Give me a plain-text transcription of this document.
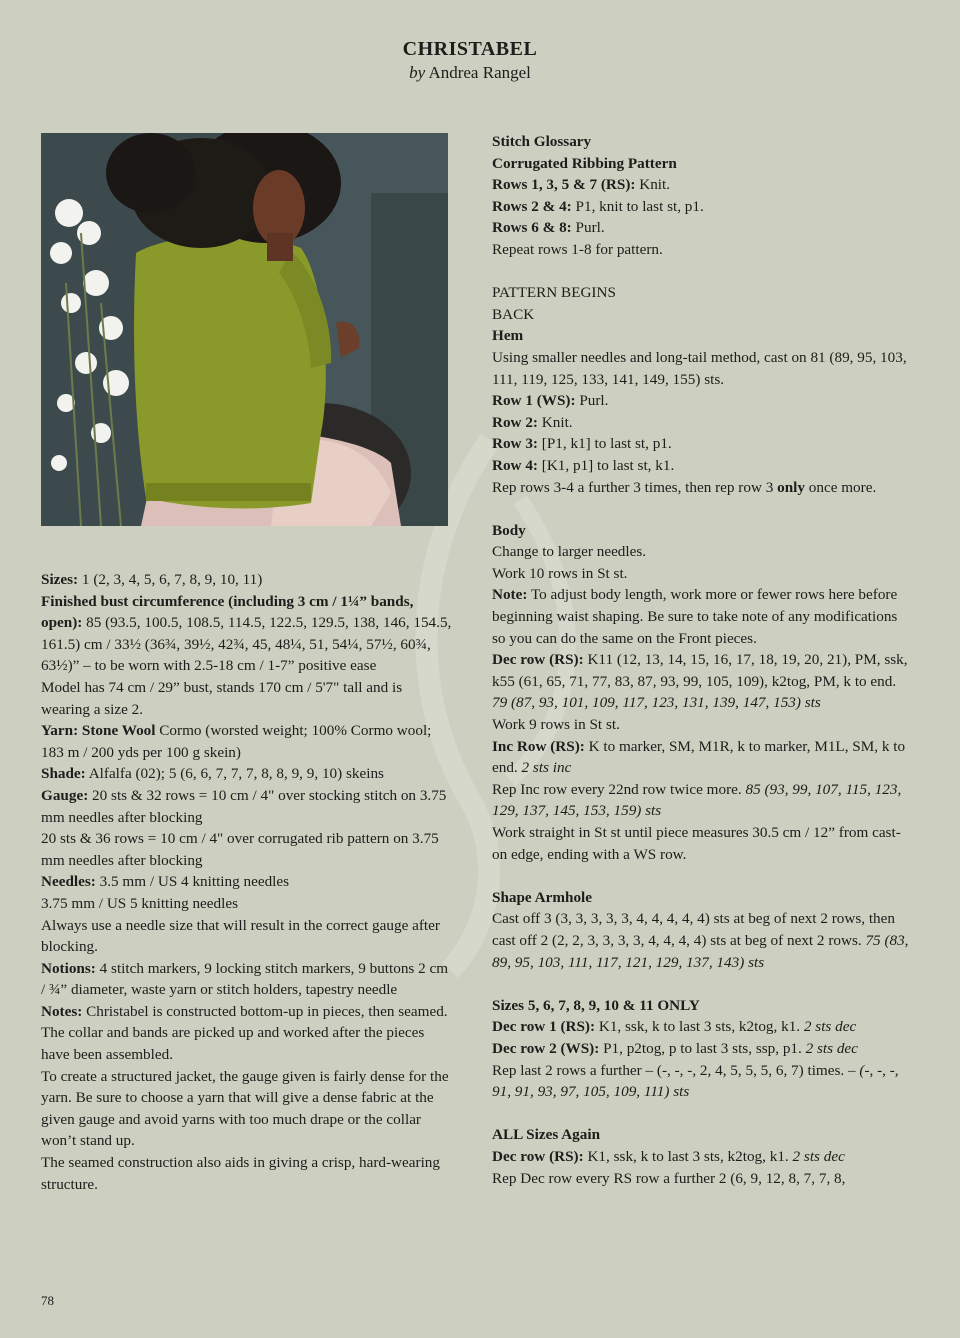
CHRISTABEL
by Andrea Rangel

Sizes: 1 (2, 3, 4, 5, 6, 7, 8, 9, 10, 11)

Finished bust circumference (including 3 cm / 1¼” bands, open): 85 (93.5, 100.5, 108.5, 114.5, 122.5, 129.5, 138, 146, 154.5, 161.5) cm / 33½ (36¾, 39½, 42¾, 45, 48¼, 51, 54¼, 57½, 60¾, 63½)” – to be worn with 2.5-18 cm / 1-7” positive ease

Model has 74 cm / 29” bust, stands 170 cm / 5'7" tall and is wearing a size 2.

Yarn: Stone Wool Cormo (worsted weight; 100% Cormo wool; 183 m / 200 yds per 100 g skein)

Shade: Alfalfa (02); 5 (6, 6, 7, 7, 7, 8, 8, 9, 9, 10) skeins

Gauge: 20 sts & 32 rows = 10 cm / 4" over stocking stitch on 3.75 mm needles after blocking

20 sts & 36 rows = 10 cm / 4" over corrugated rib pattern on 3.75 mm needles after blocking

Needles: 3.5 mm / US 4 knitting needles

3.75 mm / US 5 knitting needles

Always use a needle size that will result in the correct gauge after blocking.

Notions: 4 stitch markers, 9 locking stitch markers, 9 buttons 2 cm / ¾” diameter, waste yarn or stitch holders, tapestry needle

Notes: Christabel is constructed bottom-up in pieces, then seamed. The collar and bands are picked up and worked after the pieces have been assembled.

To create a structured jacket, the gauge given is fairly dense for the yarn. Be sure to choose a yarn that will give a dense fabric at the given gauge and avoid yarns with too much drape or the collar won’t stand up.

The seamed construction also aids in giving a crisp, hard-wearing structure.

Stitch Glossary

Corrugated Ribbing Pattern

Rows 1, 3, 5 & 7 (RS): Knit.

Rows 2 & 4: P1, knit to last st, p1.

Rows 6 & 8: Purl.

Repeat rows 1-8 for pattern.

PATTERN BEGINS

BACK

Hem

Using smaller needles and long-tail method, cast on 81 (89, 95, 103, 111, 119, 125, 133, 141, 149, 155) sts.

Row 1 (WS): Purl.

Row 2: Knit.

Row 3: [P1, k1] to last st, p1.

Row 4: [K1, p1] to last st, k1.

Rep rows 3-4 a further 3 times, then rep row 3 only once more.

Body

Change to larger needles.

Work 10 rows in St st.

Note: To adjust body length, work more or fewer rows here before beginning waist shaping. Be sure to take note of any modifications so you can do the same on the Front pieces.

Dec row (RS): K11 (12, 13, 14, 15, 16, 17, 18, 19, 20, 21), PM, ssk, k55 (61, 65, 71, 77, 83, 87, 93, 99, 105, 109), k2tog, PM, k to end. 79 (87, 93, 101, 109, 117, 123, 131, 139, 147, 153) sts

Work 9 rows in St st.

Inc Row (RS): K to marker, SM, M1R, k to marker, M1L, SM, k to end. 2 sts inc

Rep Inc row every 22nd row twice more. 85 (93, 99, 107, 115, 123, 129, 137, 145, 153, 159) sts

Work straight in St st until piece measures 30.5 cm / 12” from cast-on edge, ending with a WS row.

Shape Armhole

Cast off 3 (3, 3, 3, 3, 3, 4, 4, 4, 4, 4) sts at beg of next 2 rows, then cast off 2 (2, 2, 3, 3, 3, 3, 4, 4, 4, 4) sts at beg of next 2 rows. 75 (83, 89, 95, 103, 111, 117, 121, 129, 137, 143) sts

Sizes 5, 6, 7, 8, 9, 10 & 11 ONLY

Dec row 1 (RS): K1, ssk, k to last 3 sts, k2tog, k1. 2 sts dec

Dec row 2 (WS): P1, p2tog, p to last 3 sts, ssp, p1. 2 sts dec

Rep last 2 rows a further – (-, -, -, 2, 4, 5, 5, 5, 6, 7) times. – (-, -, -, 91, 91, 93, 97, 105, 109, 111) sts

ALL Sizes Again

Dec row (RS): K1, ssk, k to last 3 sts, k2tog, k1. 2 sts dec

Rep Dec row every RS row a further 2 (6, 9, 12, 8, 7, 7, 8,

78
